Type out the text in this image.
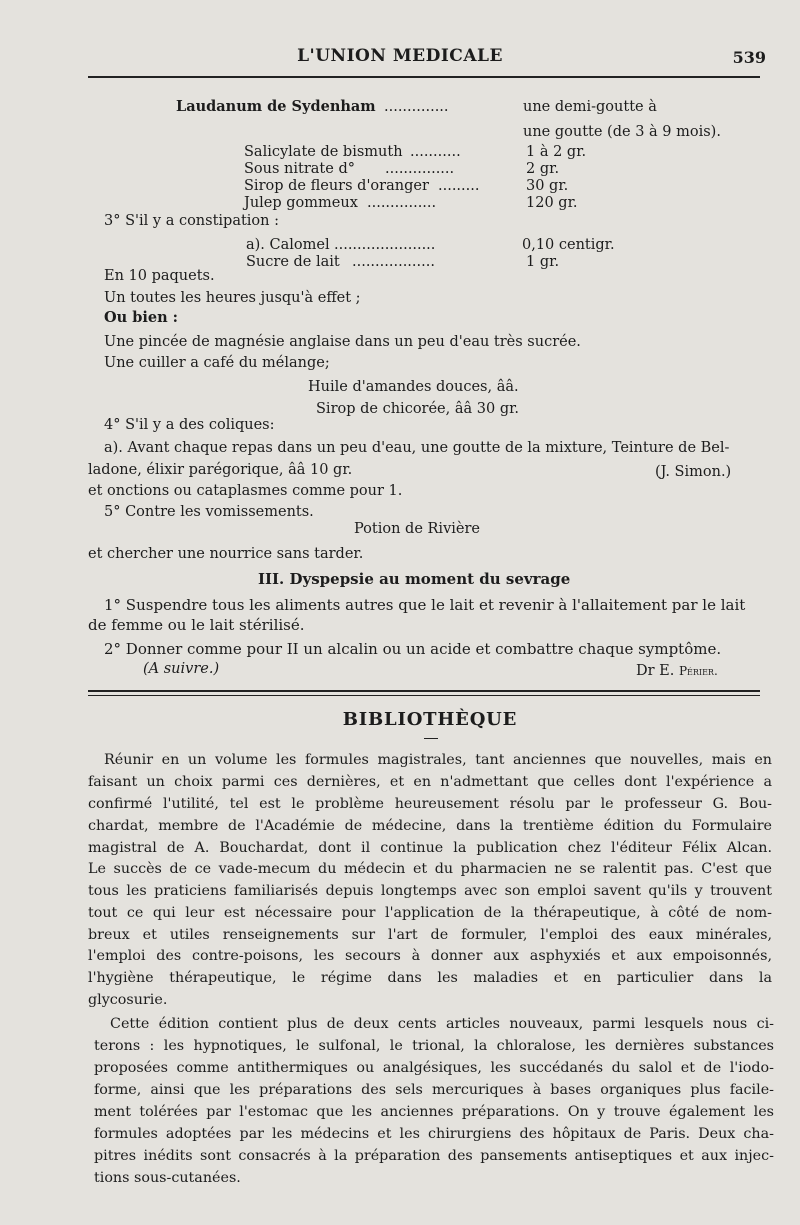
L'UNION MEDICALE	539
Laudanum de Sydenham ..............	une demi-goutte à
une goutte (de 3 à 9 mois).
Salicylate de bismuth ...........	1 à 2 gr.
Sous nitrate d° ...............	2 gr.
Sirop de fleurs d'oranger .........	30 gr.
Julep gommeux ...............	120 gr.
3° S'il y a constipation :
a). Calomel ......................	0,10 centigr.
Sucre de lait ..................	1 gr.
En 10 paquets.
Un toutes les heures jusqu'à effet ;
Ou bien :
Une pincée de magnésie anglaise dans un peu d'eau très sucrée.
Une cuiller a café du mélange;
Huile d'amandes douces, ââ.
Sirop de chicorée, ââ 30 gr.
4° S'il y a des coliques:
a). Avant chaque repas dans un peu d'eau, une goutte de la mixture, Teinture de Bel-
ladone, élixir parégorique, ââ 10 gr.	(J. Simon.)
et onctions ou cataplasmes comme pour 1.
5° Contre les vomissements.
Potion de Rivière
et chercher une nourrice sans tarder.
III. Dyspepsie au moment du sevrage
1° Suspendre tous les aliments autres que le lait et revenir à l'allaitement par le lait
de femme ou le lait stérilisé.
2° Donner comme pour II un alcalin ou un acide et combattre chaque symptôme.
(A suivre.)	Dr E. Périer.
BIBLIOTHÈQUE
Réunir en un volume les formules magistrales, tant anciennes que nouvelles, mais en
faisant un choix parmi ces dernières, et en n'admettant que celles dont l'expérience a
confirmé l'utilité, tel est le problème heureusement résolu par le professeur G. Bou-
chardat, membre de l'Académie de médecine, dans la trentième édition du Formulaire
magistral de A. Bouchardat, dont il continue la publication chez l'éditeur Félix Alcan.
Le succès de ce vade-mecum du médecin et du pharmacien ne se ralentit pas. C'est que
tous les praticiens familiarisés depuis longtemps avec son emploi savent qu'ils y trouvent
tout ce qui leur est nécessaire pour l'application de la thérapeutique, à côté de nom-
breux et utiles renseignements sur l'art de formuler, l'emploi des eaux minérales,
l'emploi des contre-poisons, les secours à donner aux asphyxiés et aux empoisonnés,
l'hygiène thérapeutique, le régime dans les maladies et en particulier dans la
glycosurie.
Cette édition contient plus de deux cents articles nouveaux, parmi lesquels nous ci-
terons : les hypnotiques, le sulfonal, le trional, la chloralose, les dernières substances
proposées comme antithermiques ou analgésiques, les succédanés du salol et de l'iodo-
forme, ainsi que les préparations des sels mercuriques à bases organiques plus facile-
ment tolérées par l'estomac que les anciennes préparations. On y trouve également les
formules adoptées par les médecins et les chirurgiens des hôpitaux de Paris. Deux cha-
pitres inédits sont consacrés à la préparation des pansements antiseptiques et aux injec-
tions sous-cutanées.
